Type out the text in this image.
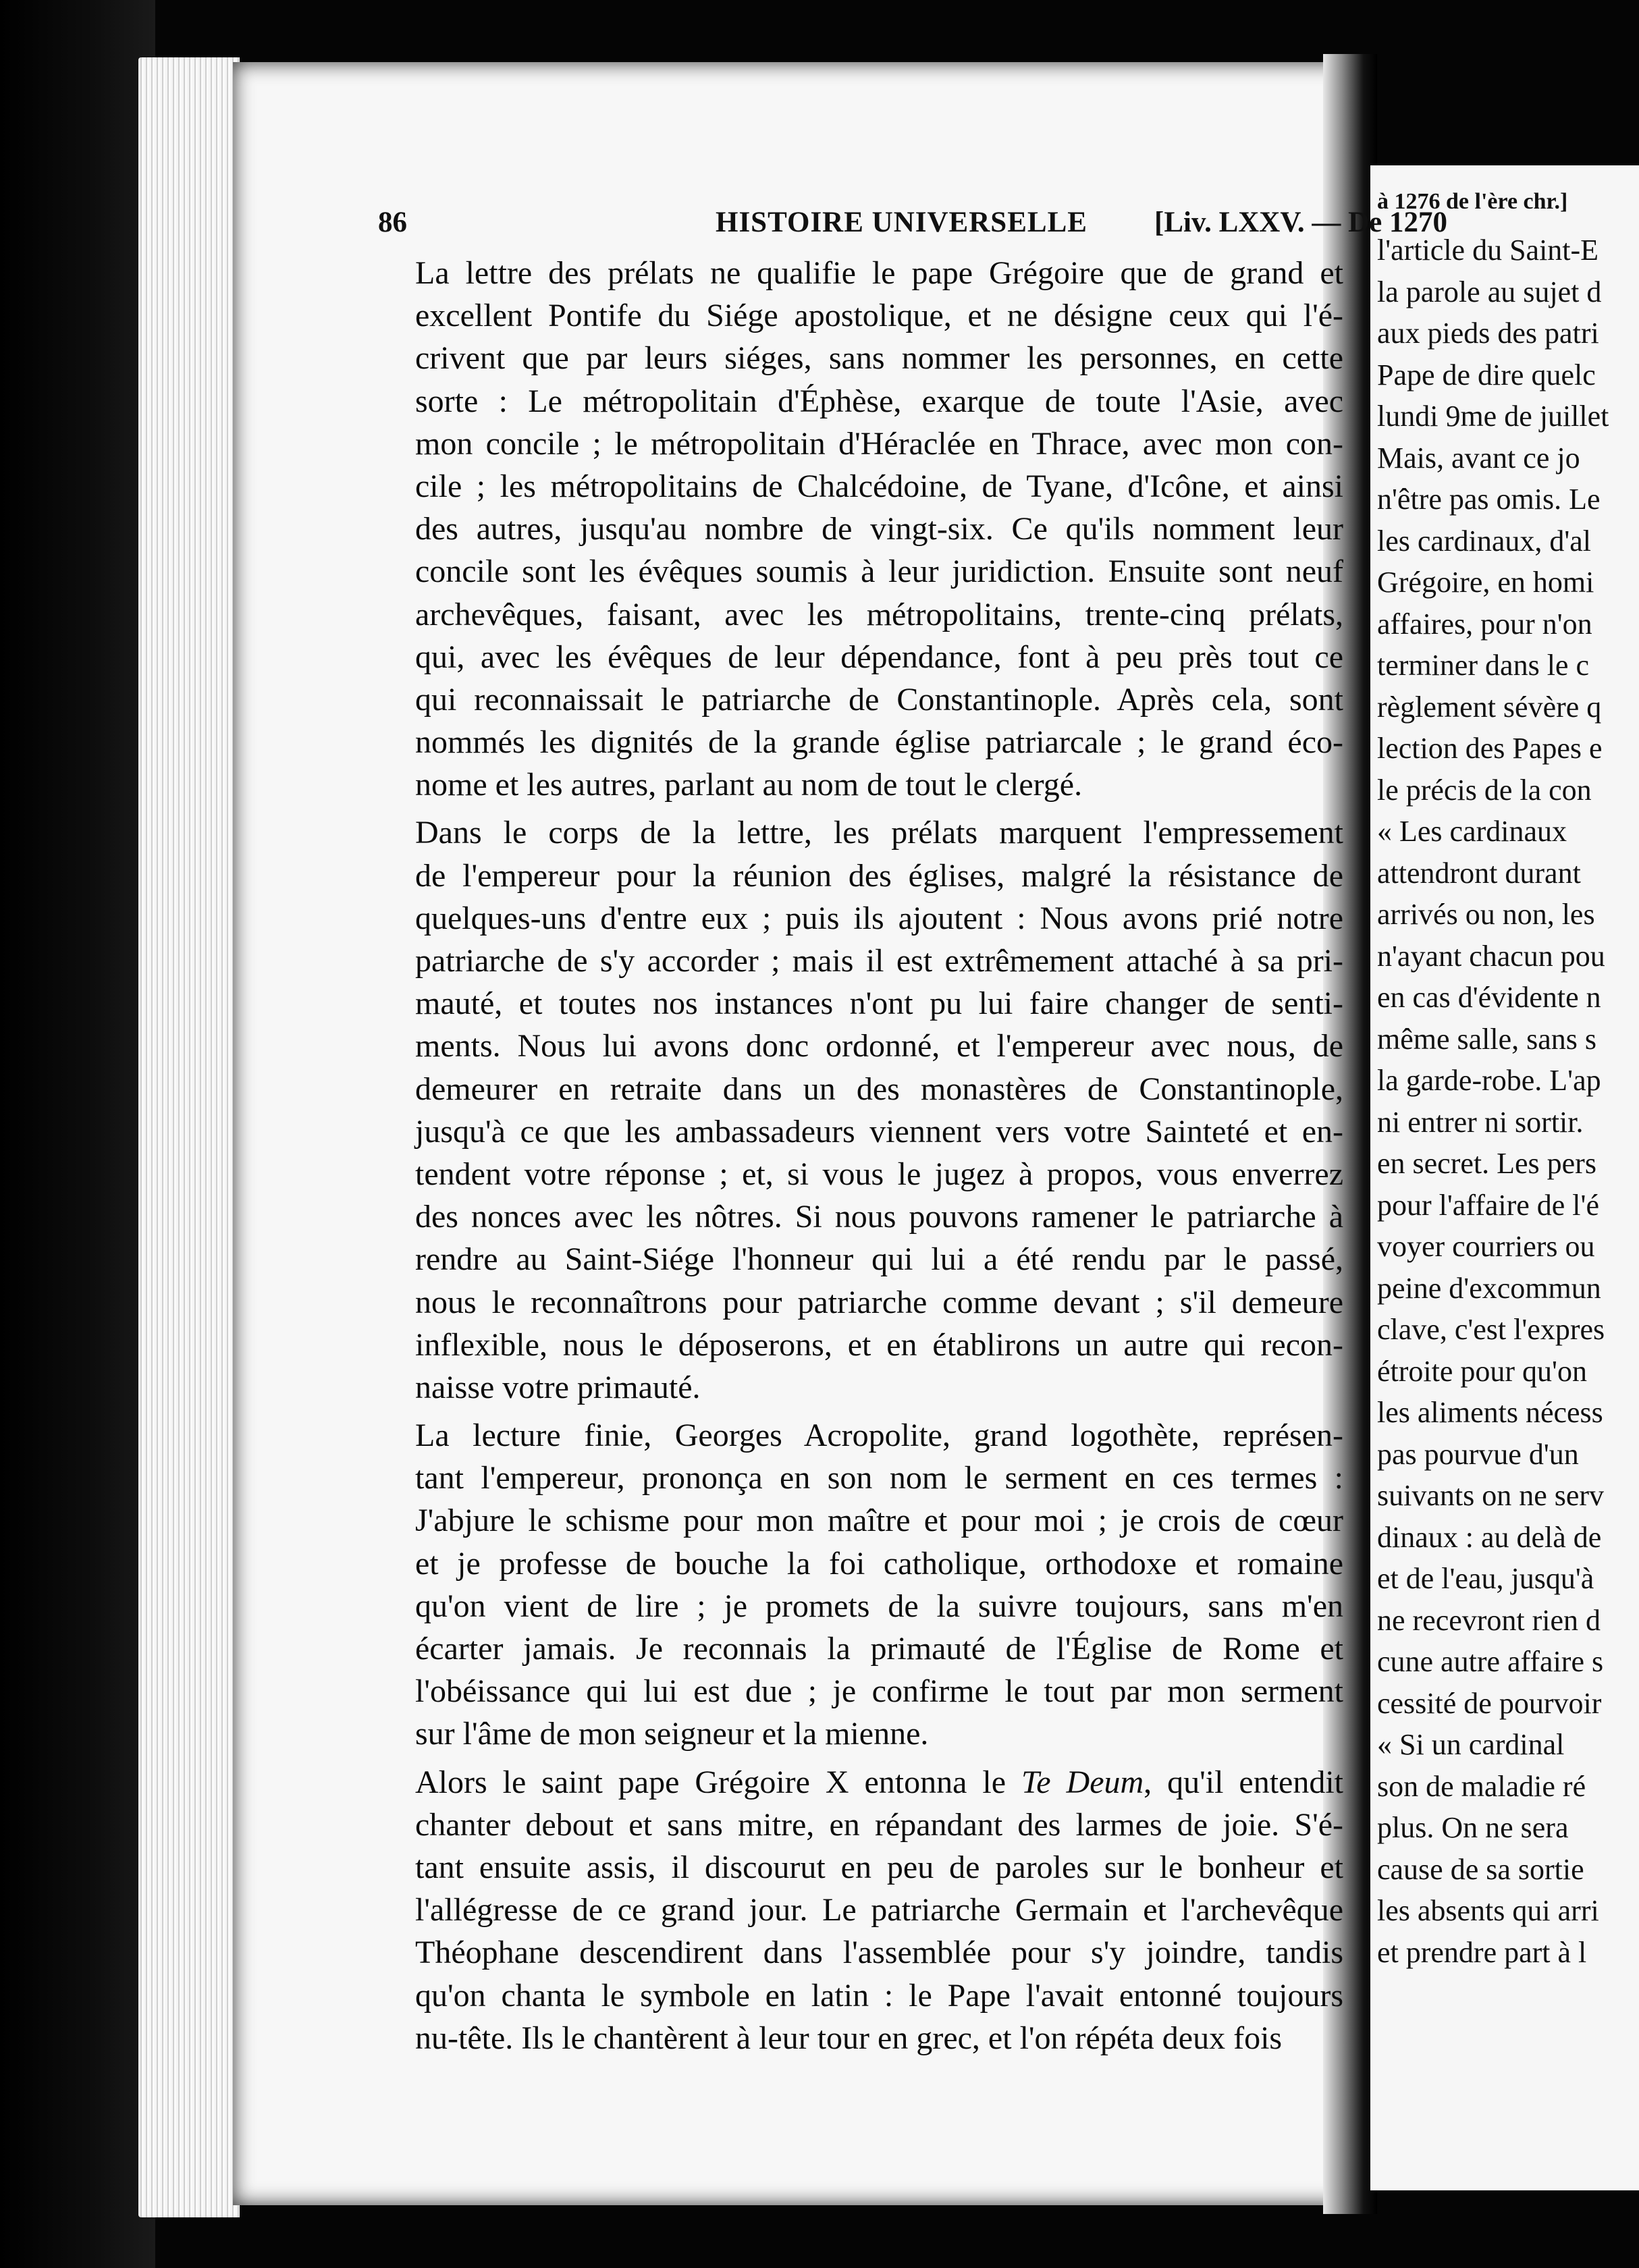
86	HISTOIRE UNIVERSELLE [Liv. LXXV. — De 1270
La lettre des prélats ne qualifie le pape Grégoire que de grand et
excellent Pontife du Siége apostolique, et ne désigne ceux qui l'é-
crivent que par leurs siéges, sans nommer les personnes, en cette
sorte : Le métropolitain d'Éphèse, exarque de toute l'Asie, avec
mon concile ; le métropolitain d'Héraclée en Thrace, avec mon con-
cile ; les métropolitains de Chalcédoine, de Tyane, d'Icône, et ainsi
des autres, jusqu'au nombre de vingt-six. Ce qu'ils nomment leur
concile sont les évêques soumis à leur juridiction. Ensuite sont neuf
archevêques, faisant, avec les métropolitains, trente-cinq prélats,
qui, avec les évêques de leur dépendance, font à peu près tout ce
qui reconnaissait le patriarche de Constantinople. Après cela, sont
nommés les dignités de la grande église patriarcale ; le grand éco-
nome et les autres, parlant au nom de tout le clergé.
Dans le corps de la lettre, les prélats marquent l'empressement
de l'empereur pour la réunion des églises, malgré la résistance de
quelques-uns d'entre eux ; puis ils ajoutent : Nous avons prié notre
patriarche de s'y accorder ; mais il est extrêmement attaché à sa pri-
mauté, et toutes nos instances n'ont pu lui faire changer de senti-
ments. Nous lui avons donc ordonné, et l'empereur avec nous, de
demeurer en retraite dans un des monastères de Constantinople,
jusqu'à ce que les ambassadeurs viennent vers votre Sainteté et en-
tendent votre réponse ; et, si vous le jugez à propos, vous enverrez
des nonces avec les nôtres. Si nous pouvons ramener le patriarche à
rendre au Saint-Siége l'honneur qui lui a été rendu par le passé,
nous le reconnaîtrons pour patriarche comme devant ; s'il demeure
inflexible, nous le déposerons, et en établirons un autre qui recon-
naisse votre primauté.
La lecture finie, Georges Acropolite, grand logothète, représen-
tant l'empereur, prononça en son nom le serment en ces termes :
J'abjure le schisme pour mon maître et pour moi ; je crois de cœur
et je professe de bouche la foi catholique, orthodoxe et romaine
qu'on vient de lire ; je promets de la suivre toujours, sans m'en
écarter jamais. Je reconnais la primauté de l'Église de Rome et
l'obéissance qui lui est due ; je confirme le tout par mon serment
sur l'âme de mon seigneur et la mienne.
Alors le saint pape Grégoire X entonna le Te Deum, qu'il entendit
chanter debout et sans mitre, en répandant des larmes de joie. S'é-
tant ensuite assis, il discourut en peu de paroles sur le bonheur et
l'allégresse de ce grand jour. Le patriarche Germain et l'archevêque
Théophane descendirent dans l'assemblée pour s'y joindre, tandis
qu'on chanta le symbole en latin : le Pape l'avait entonné toujours
nu-tête. Ils le chantèrent à leur tour en grec, et l'on répéta deux fois
à 1276 de l'ère chr.]
l'article du Saint-E
la parole au sujet d
aux pieds des patri
Pape de dire quelc
lundi 9me de juillet
Mais, avant ce jo
n'être pas omis. Le
les cardinaux, d'al
Grégoire, en homi
affaires, pour n'on
terminer dans le c
règlement sévère q
lection des Papes e
le précis de la con
« Les cardinaux
attendront durant
arrivés ou non, les
n'ayant chacun pou
en cas d'évidente n
même salle, sans s
la garde-robe. L'ap
ni entrer ni sortir.
en secret. Les pers
pour l'affaire de l'é
voyer courriers ou
peine d'excommun
clave, c'est l'expres
étroite pour qu'on
les aliments nécess
pas pourvue d'un
suivants on ne serv
dinaux : au delà de
et de l'eau, jusqu'à
ne recevront rien d
cune autre affaire s
cessité de pourvoir
« Si un cardinal
son de maladie ré
plus. On ne sera
cause de sa sortie
les absents qui arri
et prendre part à l
